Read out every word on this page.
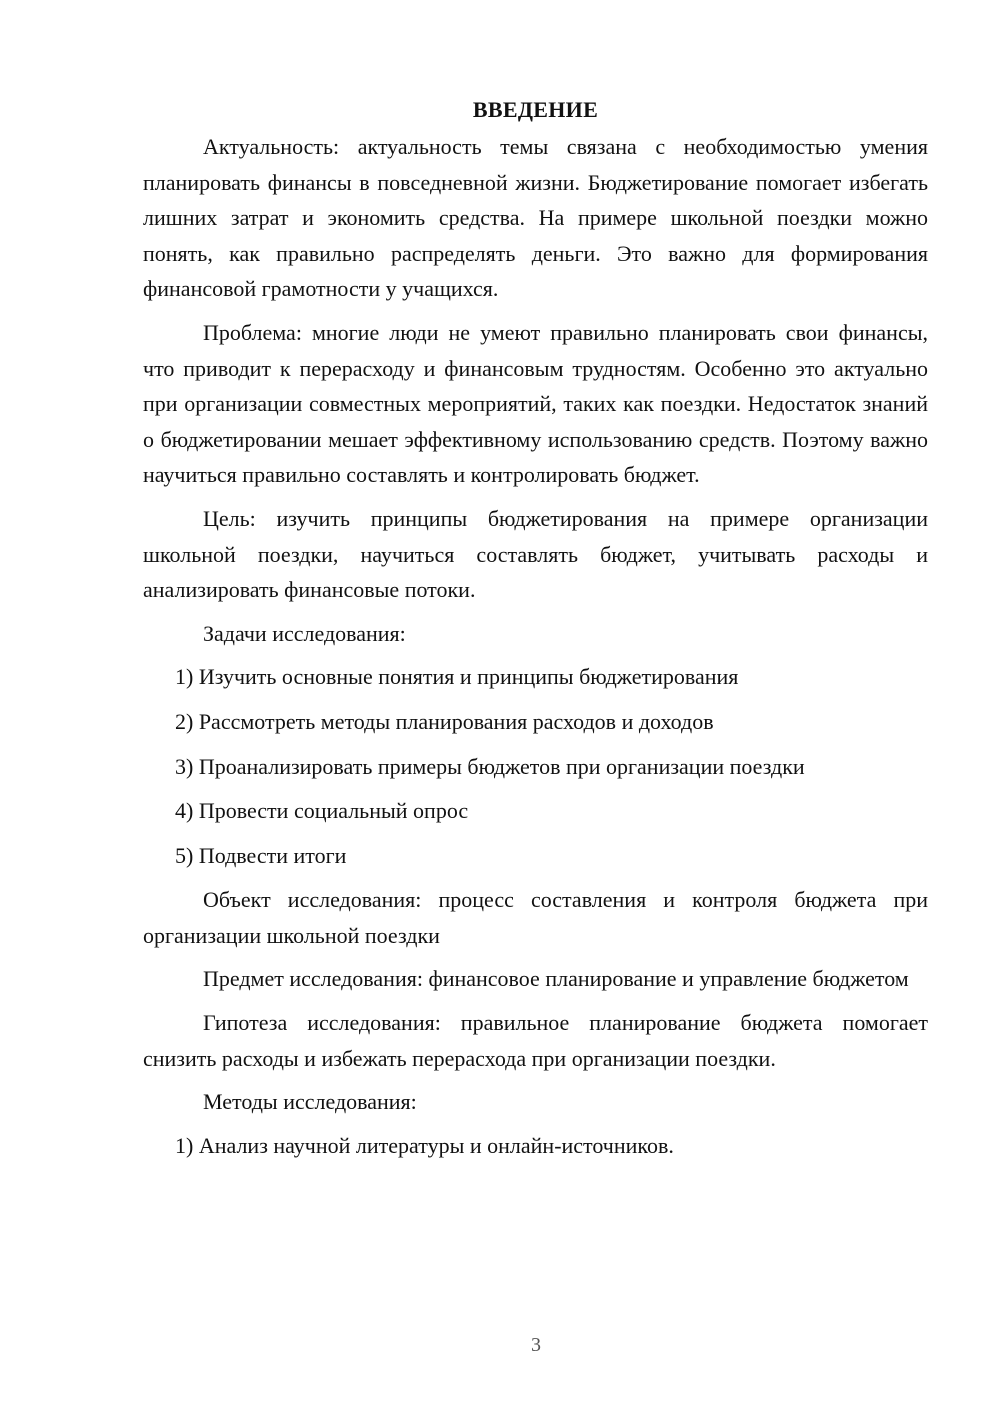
ВВЕДЕНИЕ

Актуальность: актуальность темы связана с необходимостью умения планировать финансы в повседневной жизни. Бюджетирование помогает избегать лишних затрат и экономить средства. На примере школьной поездки можно понять, как правильно распределять деньги. Это важно для формирования финансовой грамотности у учащихся.

Проблема: многие люди не умеют правильно планировать свои финансы, что приводит к перерасходу и финансовым трудностям. Особенно это актуально при организации совместных мероприятий, таких как поездки. Недостаток знаний о бюджетировании мешает эффективному использованию средств. Поэтому важно научиться правильно составлять и контролировать бюджет.

Цель: изучить принципы бюджетирования на примере организации школьной поездки, научиться составлять бюджет, учитывать расходы и анализировать финансовые потоки.

Задачи исследования:

1) Изучить основные понятия и принципы бюджетирования
2) Рассмотреть методы планирования расходов и доходов
3) Проанализировать примеры бюджетов при организации поездки
4) Провести социальный опрос
5) Подвести итоги

Объект исследования: процесс составления и контроля бюджета при организации школьной поездки

Предмет исследования: финансовое планирование и управление бюджетом

Гипотеза исследования: правильное планирование бюджета помогает снизить расходы и избежать перерасхода при организации поездки.

Методы исследования:

1) Анализ научной литературы и онлайн-источников.
3
